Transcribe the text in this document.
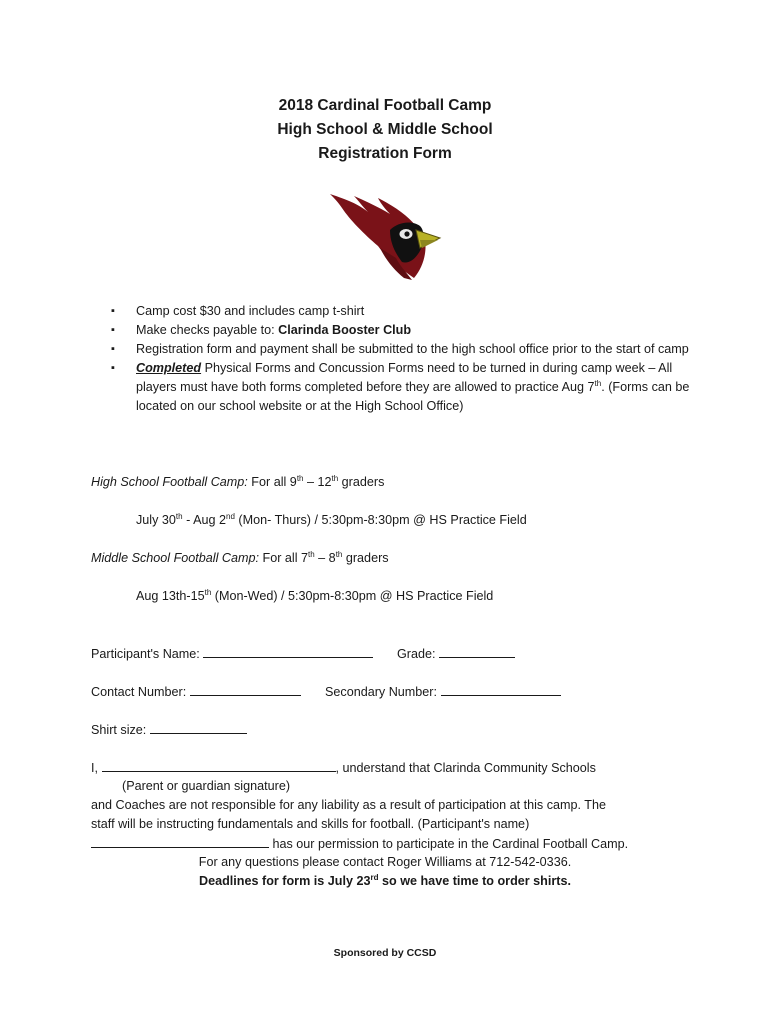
2018 Cardinal Football Camp
High School & Middle School
Registration Form
▪ Camp cost $30 and includes camp t-shirt
▪ Make checks payable to: Clarinda Booster Club
▪ Registration form and payment shall be submitted to the high school office prior to the start of camp
▪ Completed Physical Forms and Concussion Forms need to be turned in during camp week – All players must have both forms completed before they are allowed to practice Aug 7th. (Forms can be located on our school website or at the High School Office)
High School Football Camp: For all 9th – 12th graders
July 30th - Aug 2nd (Mon- Thurs) / 5:30pm-8:30pm @ HS Practice Field
Middle School Football Camp: For all 7th – 8th graders
Aug 13th-15th (Mon-Wed) / 5:30pm-8:30pm @ HS Practice Field
Participant's Name:	Grade:
Contact Number:	Secondary Number:
Shirt size:
I,	, understand that Clarinda Community Schools
(Parent or guardian signature)
and Coaches are not responsible for any liability as a result of participation at this camp. The
staff will be instructing fundamentals and skills for football. (Participant's name)
has our permission to participate in the Cardinal Football Camp.
For any questions please contact Roger Williams at 712-542-0336.
Deadlines for form is July 23rd so we have time to order shirts.
Sponsored by CCSD
